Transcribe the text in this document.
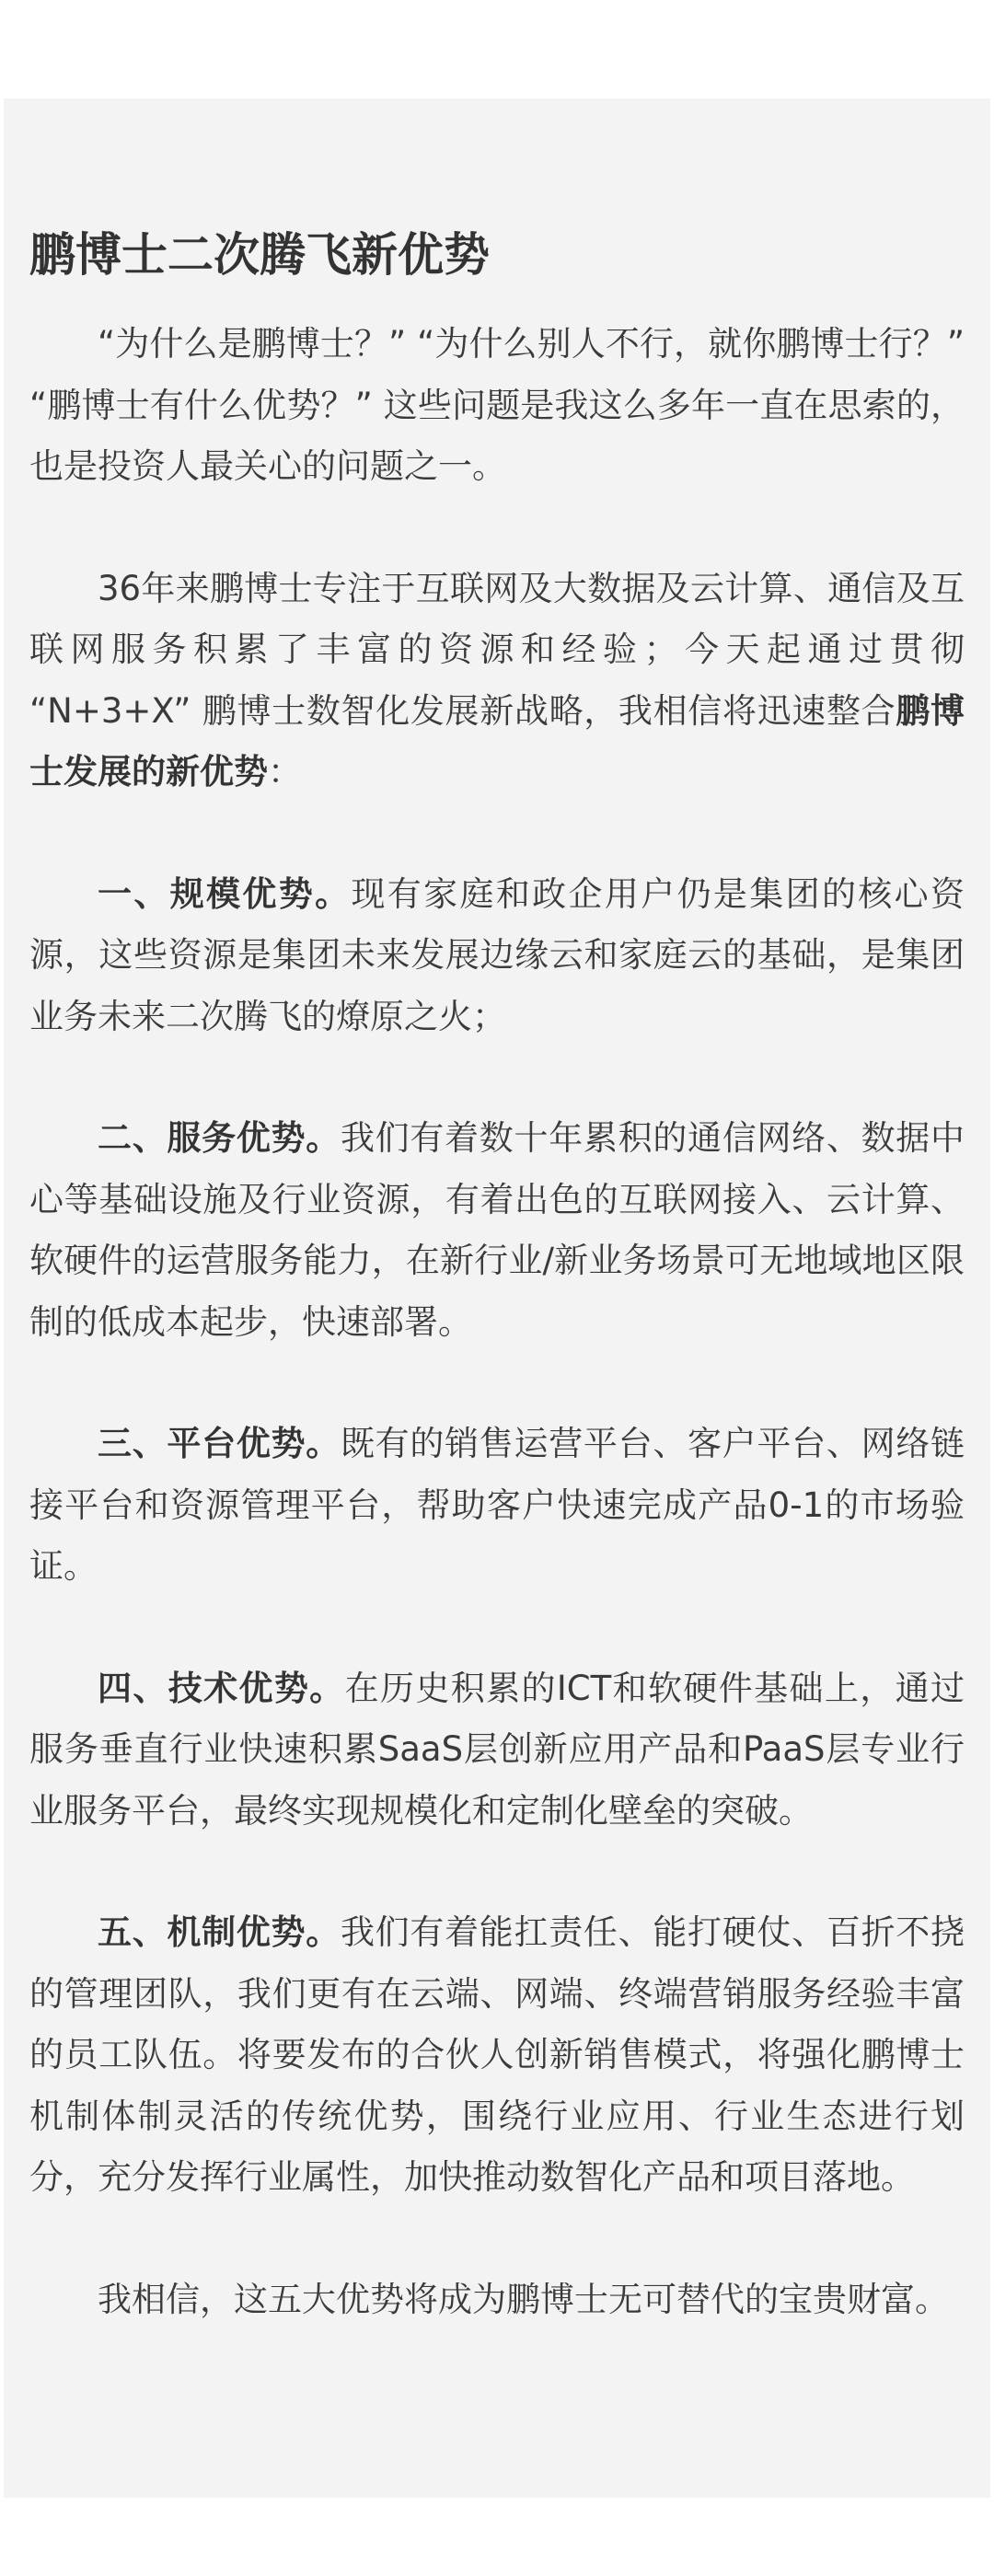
鹏博士二次腾飞新优势

“为什么是鹏博士？” “为什么别人不行，就你鹏博士行？” “鹏博士有什么优势？” 这些问题是我这么多年一直在思索的，也是投资人最关心的问题之一。

36年来鹏博士专注于互联网及大数据及云计算、通信及互联网服务积累了丰富的资源和经验；今天起通过贯彻 “N+3+X” 鹏博士数智化发展新战略，我相信将迅速整合鹏博士发展的新优势：

一、规模优势。现有家庭和政企用户仍是集团的核心资源，这些资源是集团未来发展边缘云和家庭云的基础，是集团业务未来二次腾飞的燎原之火；

二、服务优势。我们有着数十年累积的通信网络、数据中心等基础设施及行业资源，有着出色的互联网接入、云计算、软硬件的运营服务能力，在新行业/新业务场景可无地域地区限制的低成本起步，快速部署。

三、平台优势。既有的销售运营平台、客户平台、网络链接平台和资源管理平台，帮助客户快速完成产品0-1的市场验证。

四、技术优势。在历史积累的ICT和软硬件基础上，通过服务垂直行业快速积累SaaS层创新应用产品和PaaS层专业行业服务平台，最终实现规模化和定制化壁垒的突破。

五、机制优势。我们有着能扛责任、能打硬仗、百折不挠的管理团队，我们更有在云端、网端、终端营销服务经验丰富的员工队伍。将要发布的合伙人创新销售模式，将强化鹏博士机制体制灵活的传统优势，围绕行业应用、行业生态进行划分，充分发挥行业属性，加快推动数智化产品和项目落地。

我相信，这五大优势将成为鹏博士无可替代的宝贵财富。
